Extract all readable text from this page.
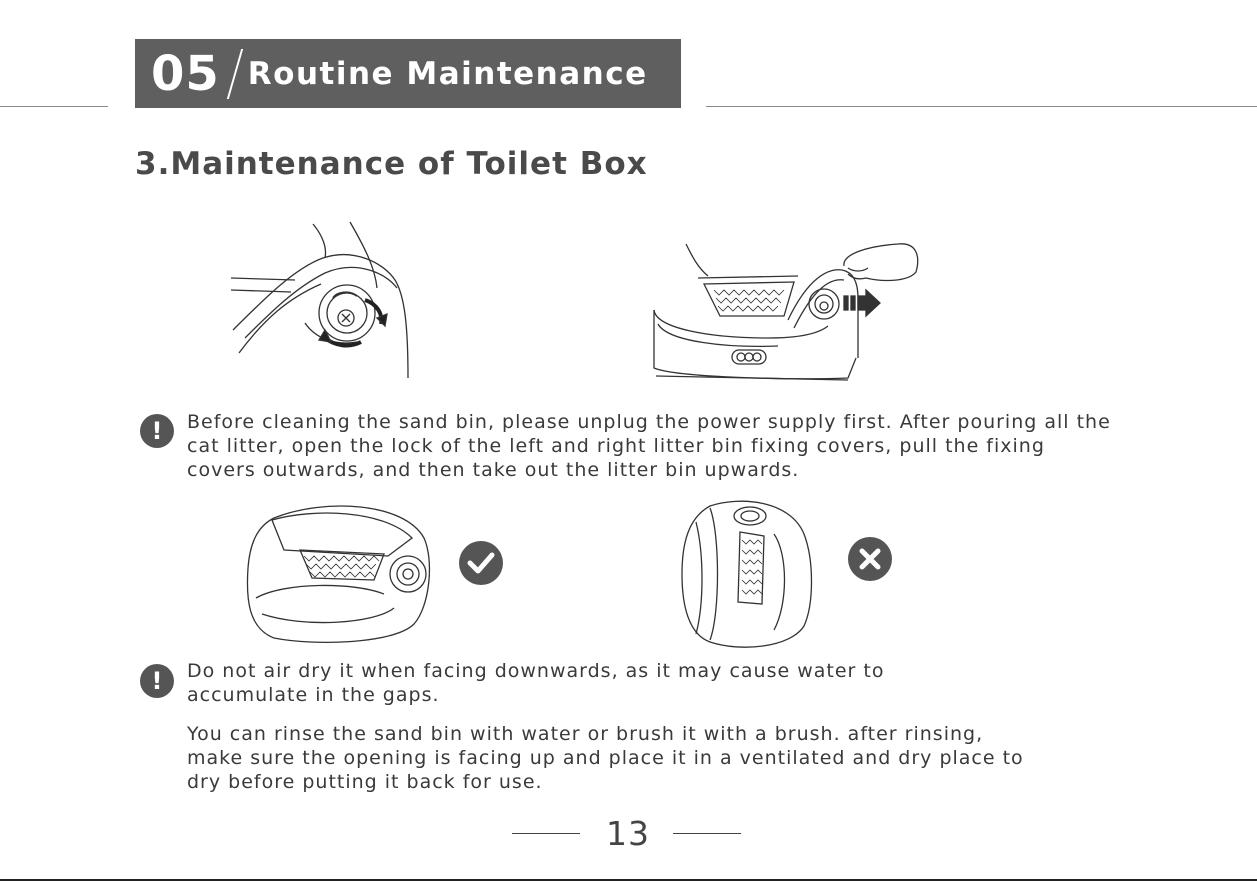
05 Routine Maintenance
3.Maintenance of Toilet Box
! Before cleaning the sand bin, please unplug the power supply first. After pouring all the cat litter, open the lock of the left and right litter bin fixing covers, pull the fixing covers outwards, and then take out the litter bin upwards.

! Do not air dry it when facing downwards, as it may cause water to accumulate in the gaps.

You can rinse the sand bin with water or brush it with a brush. after rinsing, make sure the opening is facing up and place it in a ventilated and dry place to dry before putting it back for use.

13
